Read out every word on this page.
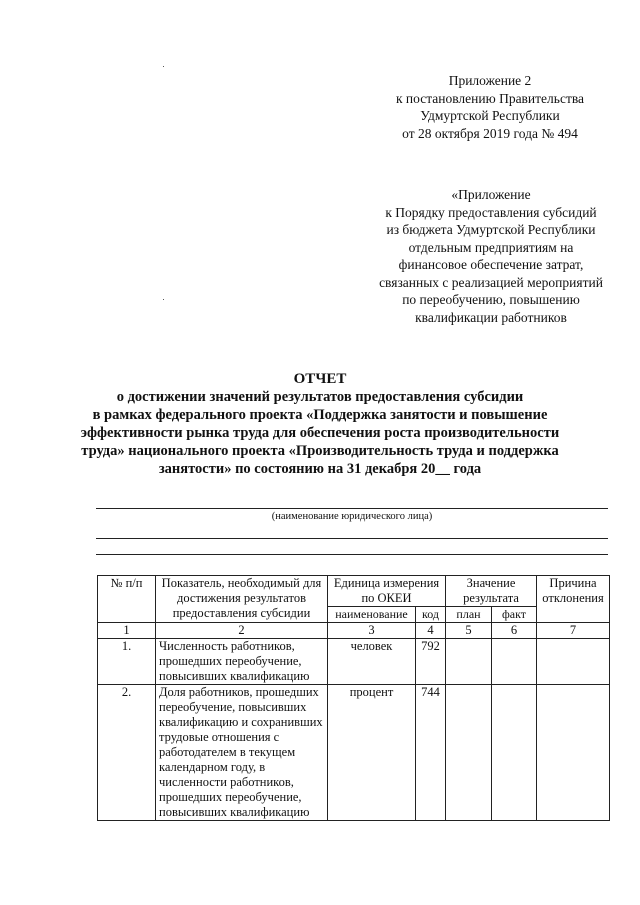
Приложение 2
к постановлению Правительства
Удмуртской Республики
от 28 октября 2019 года № 494
«Приложение
к Порядку предоставления субсидий
из бюджета Удмуртской Республики
отдельным предприятиям на
финансовое обеспечение затрат,
связанных с реализацией мероприятий
по переобучению, повышению
квалификации работников
ОТЧЕТ
о достижении значений результатов предоставления субсидии
в рамках федерального проекта «Поддержка занятости и повышение
эффективности рынка труда для обеспечения роста производительности
труда» национального проекта «Производительность труда и поддержка
занятости» по состоянию на 31 декабря 20__ года
(наименование юридического лица)
№ п/п	Показатель, необходимый для достижения результатов предоставления субсидии	Единица измерения по ОКЕИ		Значение результата		Причина отклонения
		наименование	код	план	факт	
1	2	3	4	5	6	7
1.	Численность работников, прошедших переобучение, повысивших квалификацию	человек	792			
2.	Доля работников, прошедших переобучение, повысивших квалификацию и сохранивших трудовые отношения с работодателем в текущем календарном году, в численности работников, прошедших переобучение, повысивших квалификацию	процент	744			
